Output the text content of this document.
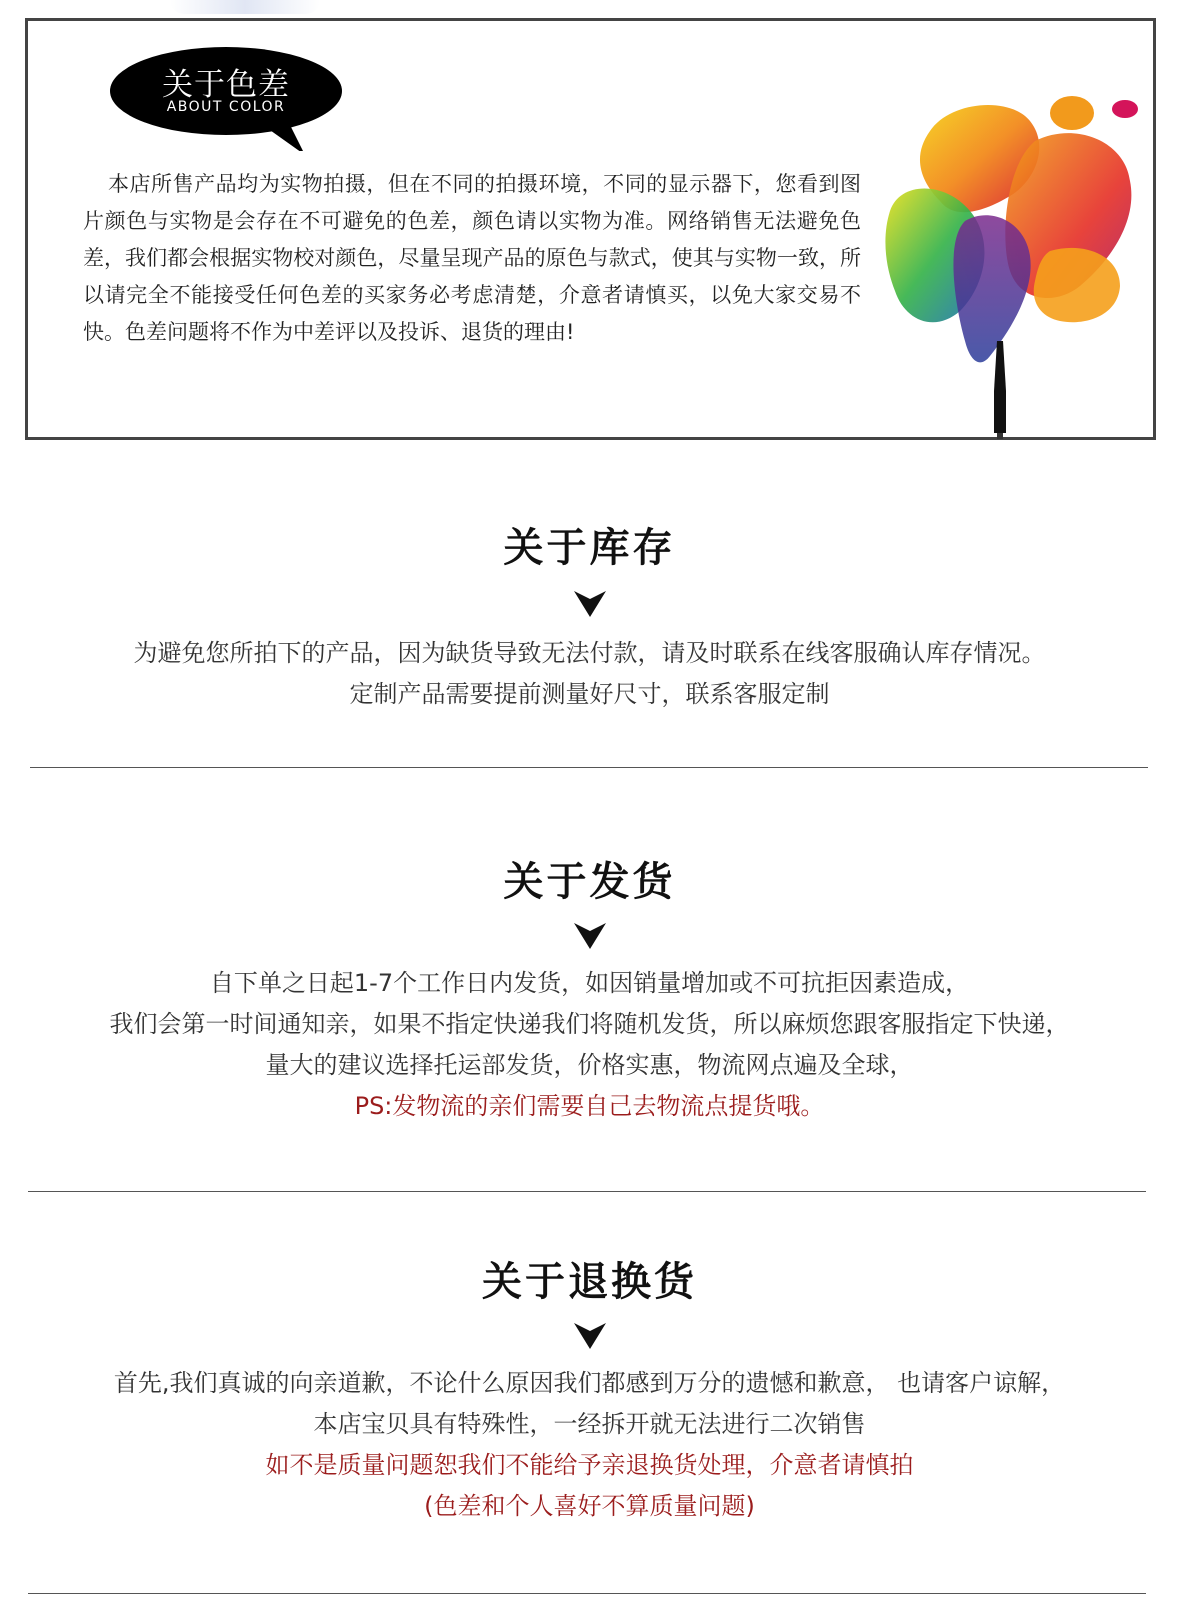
关于色差
ABOUT COLOR
本店所售产品均为实物拍摄，但在不同的拍摄环境，不同的显示器下，您看到图片颜色与实物是会存在不可避免的色差，颜色请以实物为准。网络销售无法避免色差，我们都会根据实物校对颜色，尽量呈现产品的原色与款式，使其与实物一致，所以请完全不能接受任何色差的买家务必考虑清楚，介意者请慎买，以免大家交易不快。色差问题将不作为中差评以及投诉、退货的理由!
关于库存
为避免您所拍下的产品，因为缺货导致无法付款，请及时联系在线客服确认库存情况。
定制产品需要提前测量好尺寸，联系客服定制
关于发货
自下单之日起1-7个工作日内发货，如因销量增加或不可抗拒因素造成，
我们会第一时间通知亲，如果不指定快递我们将随机发货，所以麻烦您跟客服指定下快递，
量大的建议选择托运部发货，价格实惠，物流网点遍及全球，
PS:发物流的亲们需要自己去物流点提货哦。
关于退换货
首先,我们真诚的向亲道歉，不论什么原因我们都感到万分的遗憾和歉意， 也请客户谅解，
本店宝贝具有特殊性，一经拆开就无法进行二次销售
如不是质量问题恕我们不能给予亲退换货处理，介意者请慎拍
(色差和个人喜好不算质量问题)
